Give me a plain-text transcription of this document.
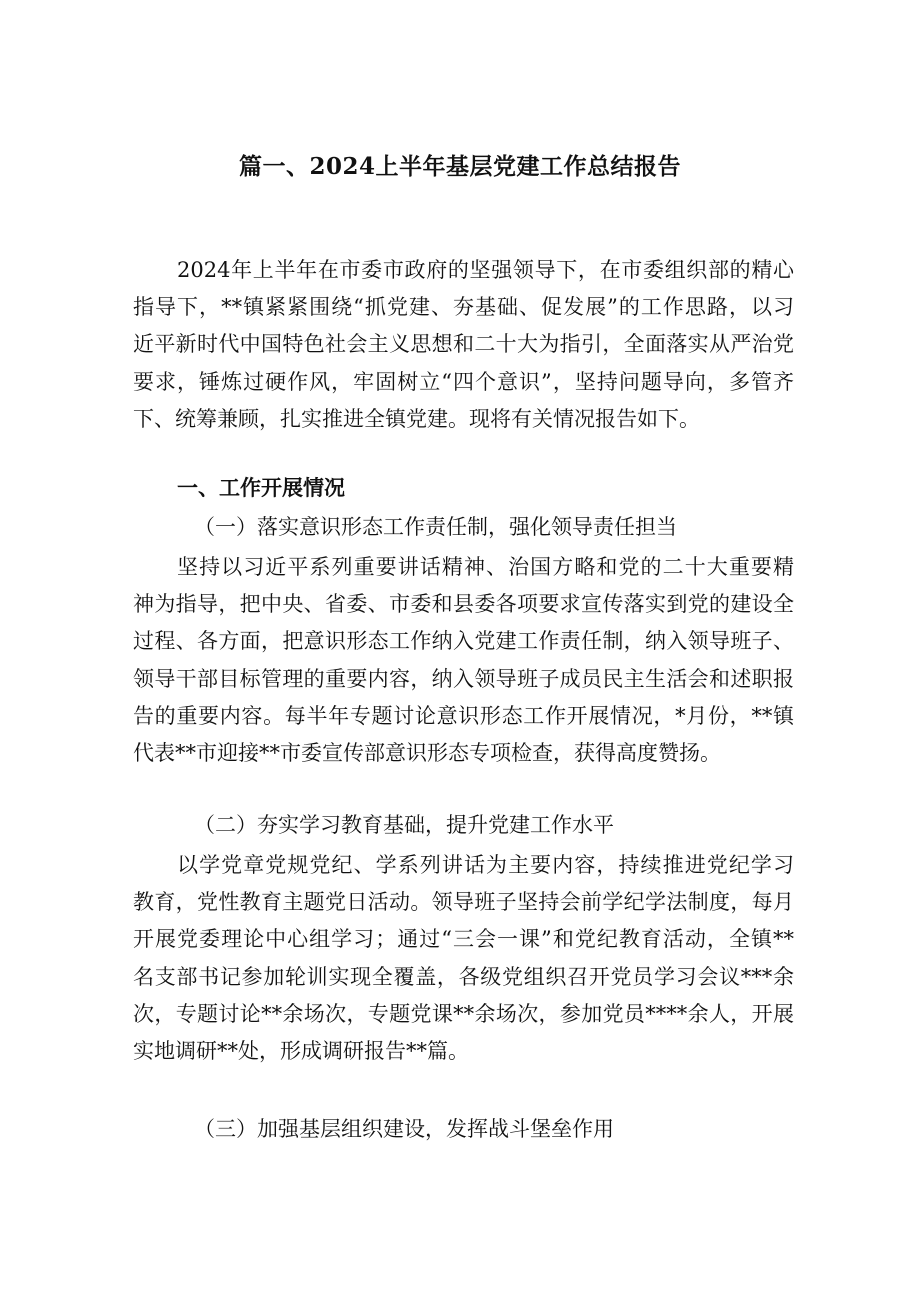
篇一、2024上半年基层党建工作总结报告
2024年上半年在市委市政府的坚强领导下，在市委组织部的精心
指导下，**镇紧紧围绕“抓党建、夯基础、促发展”的工作思路，以习
近平新时代中国特色社会主义思想和二十大为指引，全面落实从严治党
要求，锤炼过硬作风，牢固树立“四个意识”，坚持问题导向，多管齐
下、统筹兼顾，扎实推进全镇党建。现将有关情况报告如下。
一、工作开展情况
（一）落实意识形态工作责任制，强化领导责任担当
坚持以习近平系列重要讲话精神、治国方略和党的二十大重要精
神为指导，把中央、省委、市委和县委各项要求宣传落实到党的建设全
过程、各方面，把意识形态工作纳入党建工作责任制，纳入领导班子、
领导干部目标管理的重要内容，纳入领导班子成员民主生活会和述职报
告的重要内容。每半年专题讨论意识形态工作开展情况，*月份，**镇
代表**市迎接**市委宣传部意识形态专项检查，获得高度赞扬。
（二）夯实学习教育基础，提升党建工作水平
以学党章党规党纪、学系列讲话为主要内容，持续推进党纪学习
教育，党性教育主题党日活动。领导班子坚持会前学纪学法制度，每月
开展党委理论中心组学习；通过“三会一课”和党纪教育活动，全镇**
名支部书记参加轮训实现全覆盖，各级党组织召开党员学习会议***余
次，专题讨论**余场次，专题党课**余场次，参加党员****余人，开展
实地调研**处，形成调研报告**篇。
（三）加强基层组织建设，发挥战斗堡垒作用
